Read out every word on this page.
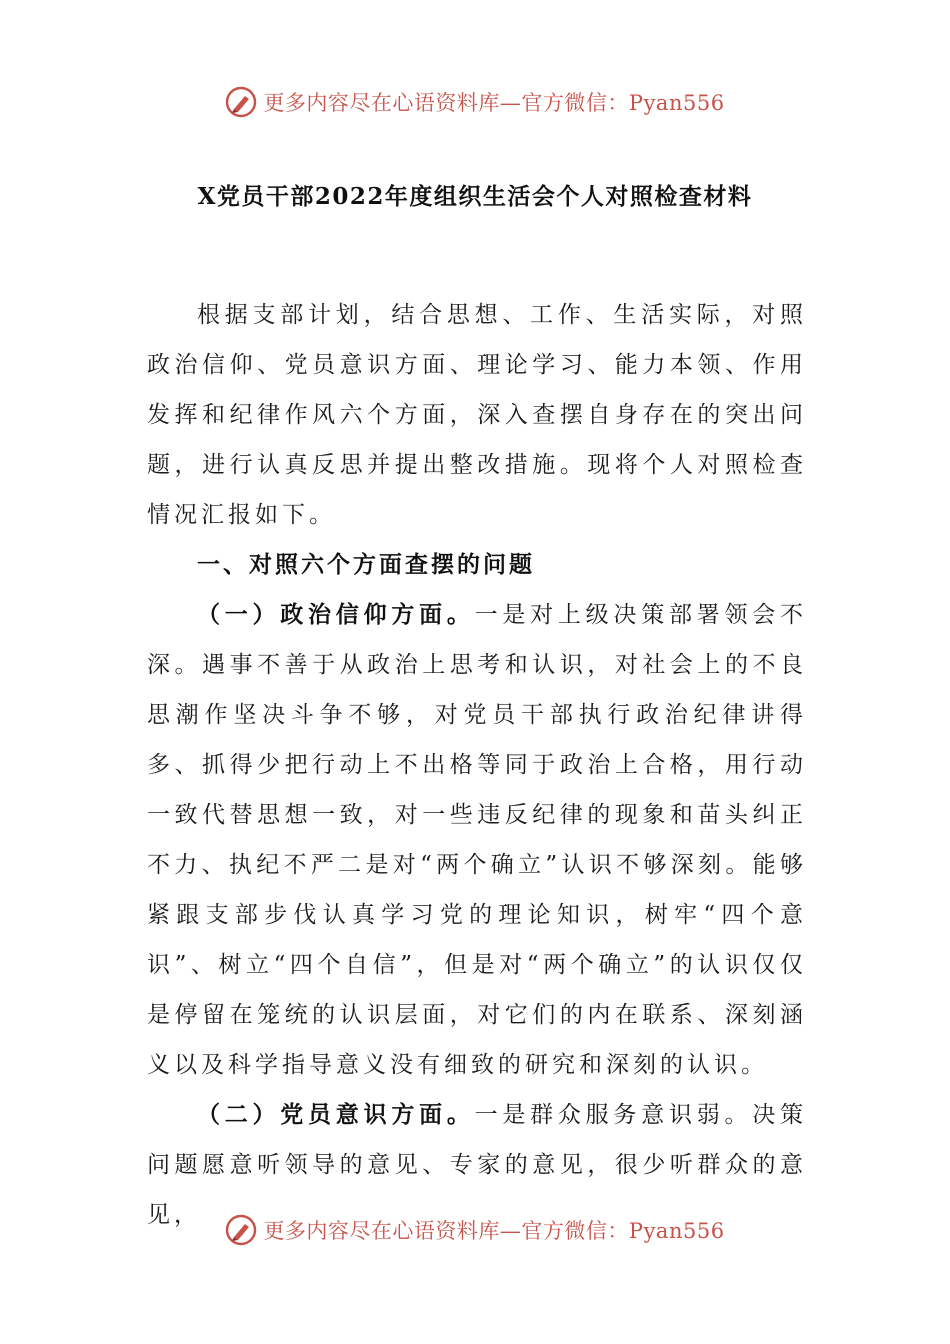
更多内容尽在心语资料库—官方微信：Pyan556
X党员干部2022年度组织生活会个人对照检查材料

根据支部计划，结合思想、工作、生活实际，对照政治信仰、党员意识方面、理论学习、能力本领、作用发挥和纪律作风六个方面，深入查摆自身存在的突出问题，进行认真反思并提出整改措施。现将个人对照检查情况汇报如下。

一、对照六个方面查摆的问题

（一）政治信仰方面。一是对上级决策部署领会不深。遇事不善于从政治上思考和认识，对社会上的不良思潮作坚决斗争不够，对党员干部执行政治纪律讲得多、抓得少把行动上不出格等同于政治上合格，用行动一致代替思想一致，对一些违反纪律的现象和苗头纠正不力、执纪不严二是对“两个确立”认识不够深刻。能够紧跟支部步伐认真学习党的理论知识，树牢“四个意识”、树立“四个自信”，但是对“两个确立”的认识仅仅是停留在笼统的认识层面，对它们的内在联系、深刻涵义以及科学指导意义没有细致的研究和深刻的认识。

（二）党员意识方面。一是群众服务意识弱。决策问题愿意听领导的意见、专家的意见，很少听群众的意见，

更多内容尽在心语资料库—官方微信：Pyan556
